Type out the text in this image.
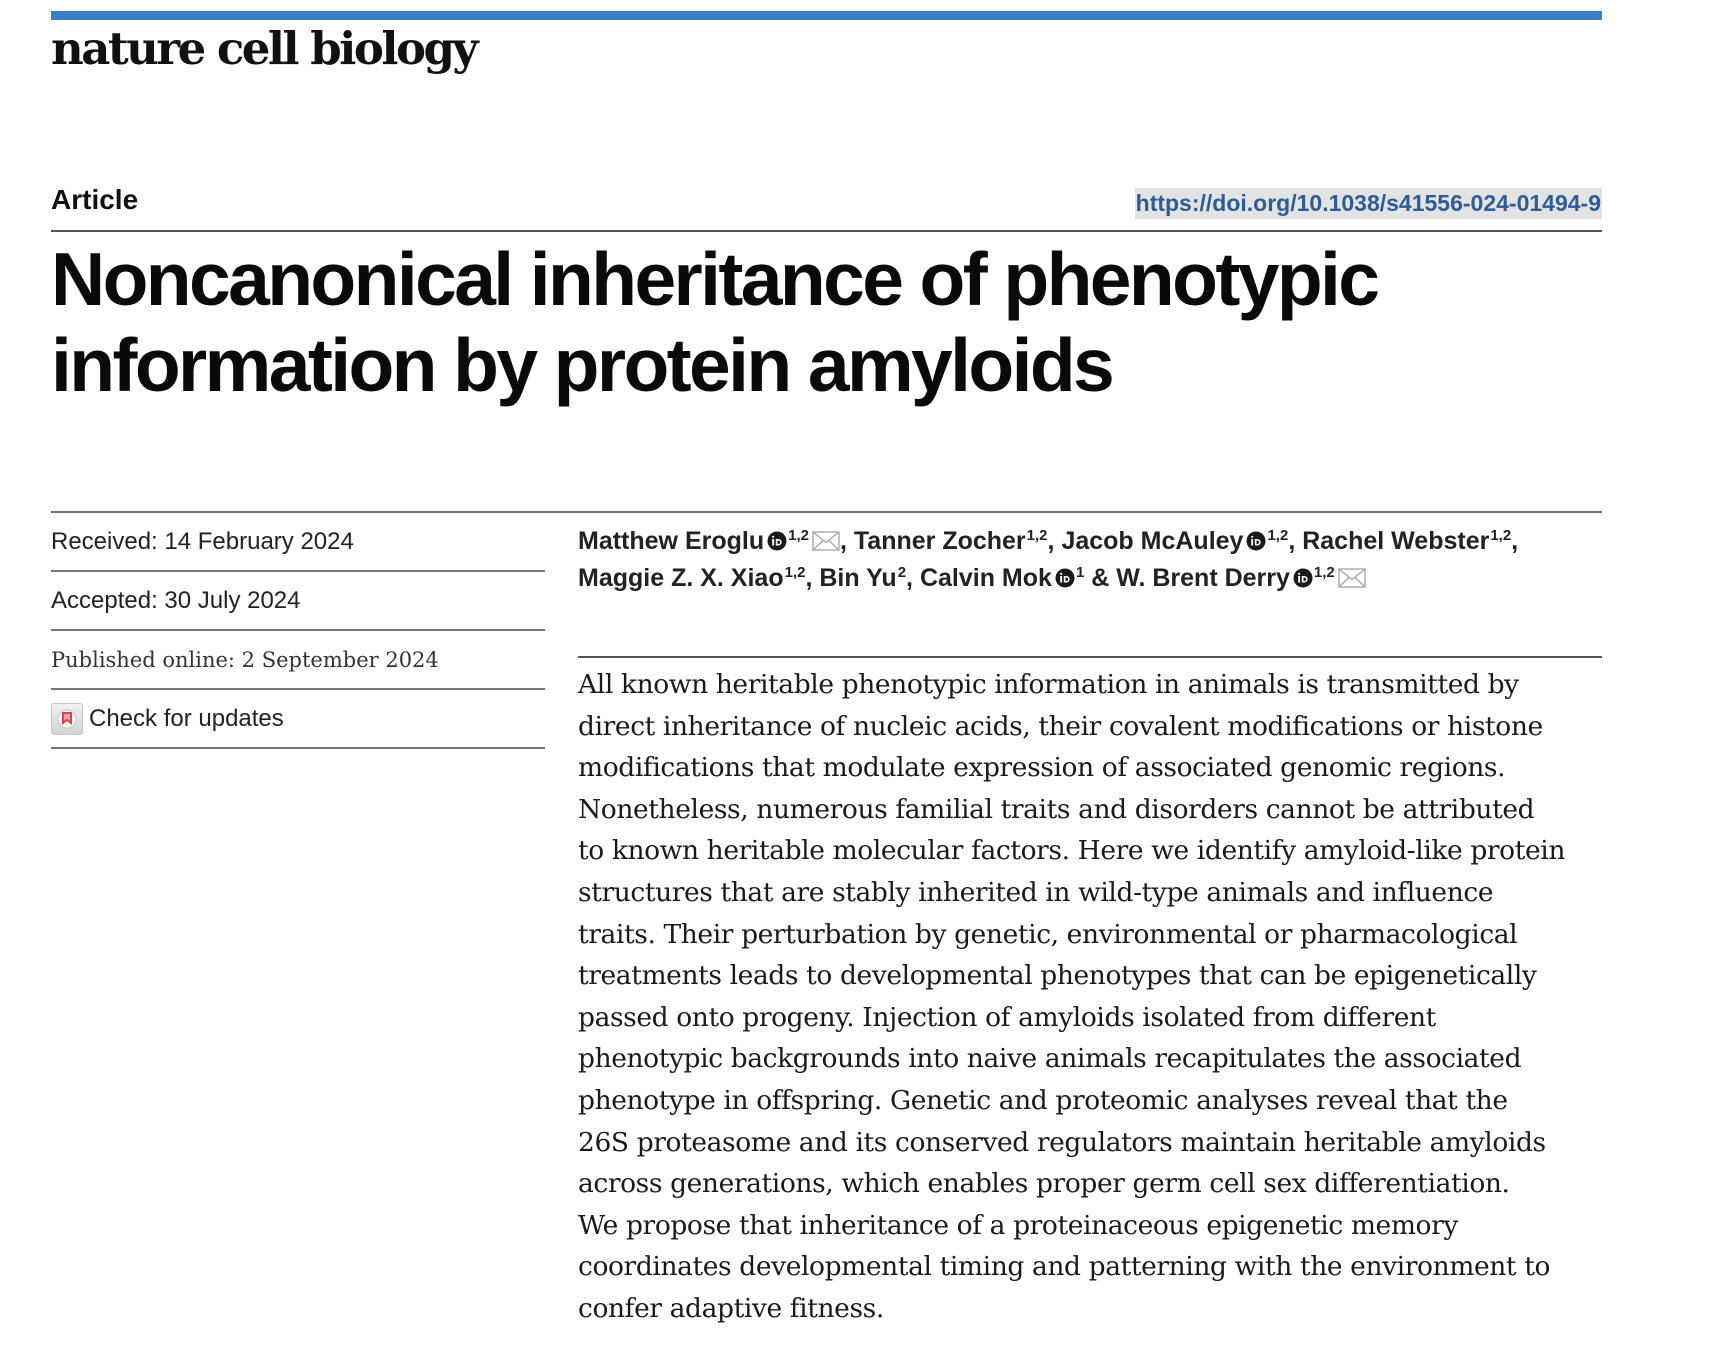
nature cell biology
Article	https://doi.org/10.1038/s41556-024-01494-9
Noncanonical inheritance of phenotypic
information by protein amyloids
Received: 14 February 2024
Accepted: 30 July 2024
Published online: 2 September 2024
Check for updates
Matthew Eroglu $^{1,2}$ , Tanner Zocher$^{1,2}$, Jacob McAuley $^{1,2}$, Rachel Webster$^{1,2}$, Maggie Z. X. Xiao$^{1,2}$, Bin Yu$^2$, Calvin Mok $^1$ & W. Brent Derry $^{1,2}$

All known heritable phenotypic information in animals is transmitted by
direct inheritance of nucleic acids, their covalent modifications or histone
modifications that modulate expression of associated genomic regions.
Nonetheless, numerous familial traits and disorders cannot be attributed
to known heritable molecular factors. Here we identify amyloid-like protein
structures that are stably inherited in wild-type animals and influence
traits. Their perturbation by genetic, environmental or pharmacological
treatments leads to developmental phenotypes that can be epigenetically
passed onto progeny. Injection of amyloids isolated from different
phenotypic backgrounds into naive animals recapitulates the associated
phenotype in offspring. Genetic and proteomic analyses reveal that the
26S proteasome and its conserved regulators maintain heritable amyloids
across generations, which enables proper germ cell sex differentiation.
We propose that inheritance of a proteinaceous epigenetic memory
coordinates developmental timing and patterning with the environment to
confer adaptive fitness.
